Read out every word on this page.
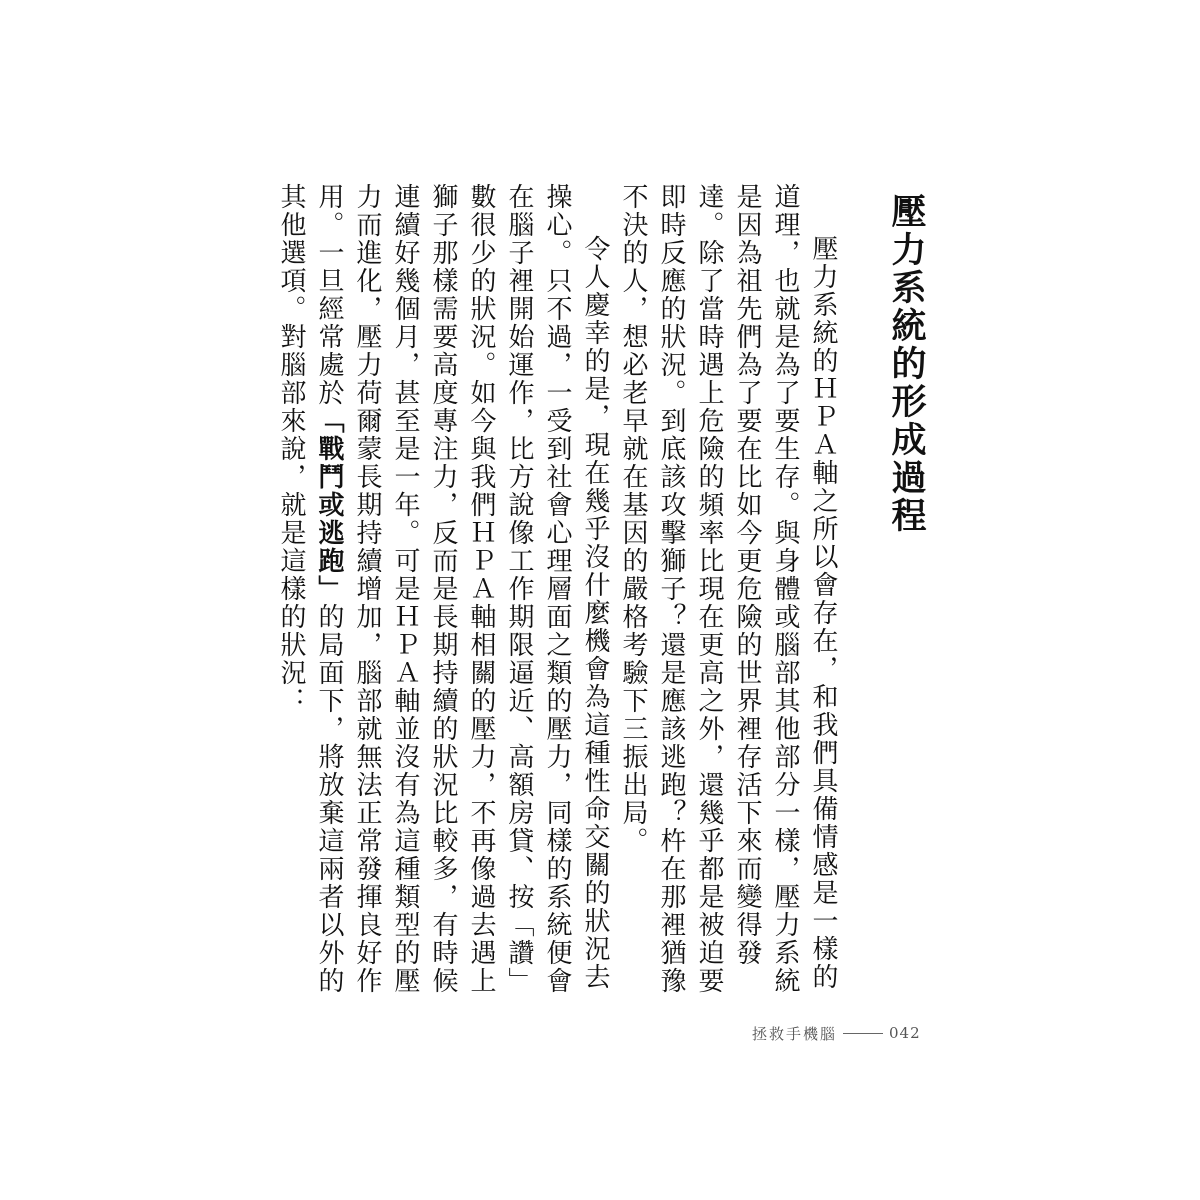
壓力系統的形成過程

壓力系統的ＨＰＡ軸之所以會存在，和我們具備情感是一樣的道理，也就是為了要生存。與身體或腦部其他部分一樣，壓力系統是因為祖先們為了要在比如今更危險的世界裡存活下來而變得發達。除了當時遇上危險的頻率比現在更高之外，還幾乎都是被迫要即時反應的狀況。到底該攻擊獅子？還是應該逃跑？杵在那裡猶豫不決的人，想必老早就在基因的嚴格考驗下三振出局。

令人慶幸的是，現在幾乎沒什麼機會為這種性命交關的狀況去操心。只不過，一受到社會心理層面之類的壓力，同樣的系統便會在腦子裡開始運作，比方說像工作期限逼近、高額房貸、按「讚」數很少的狀況。如今與我們ＨＰＡ軸相關的壓力，不再像過去遇上獅子那樣需要高度專注力，反而是長期持續的狀況比較多，有時候連續好幾個月，甚至是一年。可是ＨＰＡ軸並沒有為這種類型的壓力而進化，壓力荷爾蒙長期持續增加，腦部就無法正常發揮良好作用。一旦經常處於「戰鬥或逃跑」的局面下，將放棄這兩者以外的其他選項。對腦部來說，就是這樣的狀況：

拯救手機腦	042
